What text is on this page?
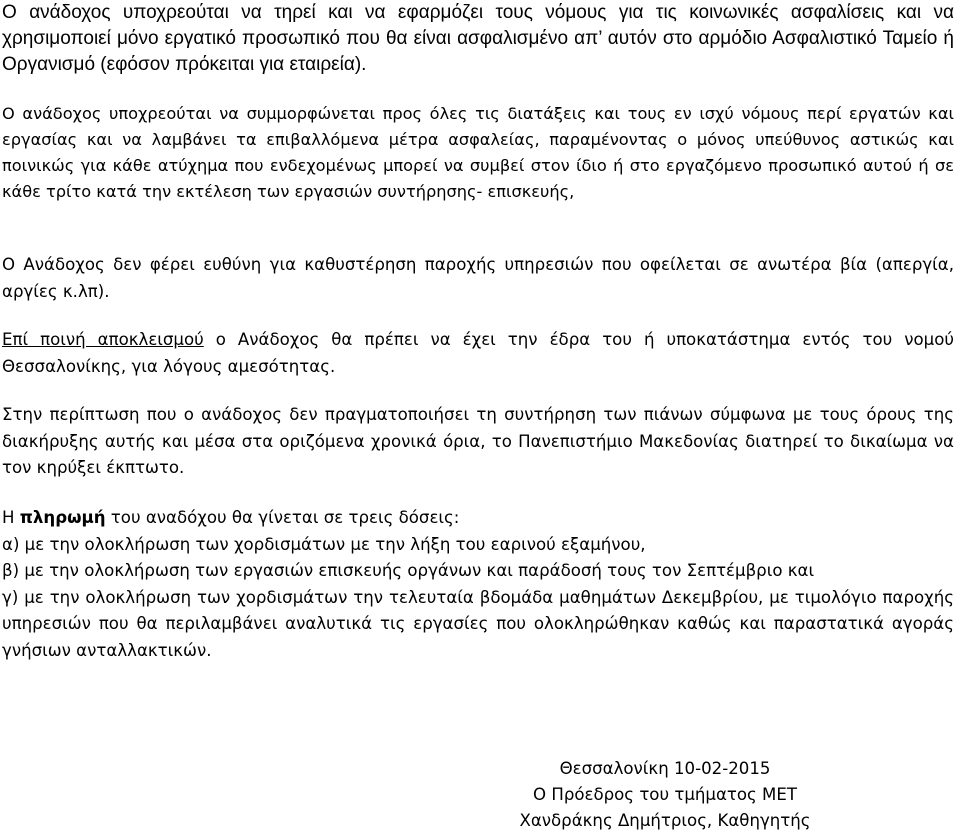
Ο ανάδοχος υποχρεούται να τηρεί και να εφαρμόζει τους νόμους για τις κοινωνικές ασφαλίσεις και να χρησιμοποιεί μόνο εργατικό προσωπικό που θα είναι ασφαλισμένο απ’ αυτόν στο αρμόδιο Ασφαλιστικό Ταμείο ή Οργανισμό (εφόσον πρόκειται για εταιρεία).

Ο ανάδοχος υποχρεούται να συμμορφώνεται προς όλες τις διατάξεις και τους εν ισχύ νόμους περί εργατών και εργασίας και να λαμβάνει τα επιβαλλόμενα μέτρα ασφαλείας, παραμένοντας ο μόνος υπεύθυνος αστικώς και ποινικώς για κάθε ατύχημα που ενδεχομένως μπορεί να συμβεί στον ίδιο ή στο εργαζόμενο προσωπικό αυτού ή σε κάθε τρίτο κατά την εκτέλεση των εργασιών συντήρησης- επισκευής,

Ο Ανάδοχος δεν φέρει ευθύνη για καθυστέρηση παροχής υπηρεσιών που οφείλεται σε ανωτέρα βία (απεργία, αργίες κ.λπ).

Επί ποινή αποκλεισμού ο Ανάδοχος θα πρέπει να έχει την έδρα του ή υποκατάστημα εντός του νομού Θεσσαλονίκης, για λόγους αμεσότητας.

Στην περίπτωση που ο ανάδοχος δεν πραγματοποιήσει τη συντήρηση των πιάνων σύμφωνα με τους όρους της διακήρυξης αυτής και μέσα στα οριζόμενα χρονικά όρια, το Πανεπιστήμιο Μακεδονίας διατηρεί το δικαίωμα να τον κηρύξει έκπτωτο.

Η πληρωμή του αναδόχου θα γίνεται σε τρεις δόσεις:
α) με την ολοκλήρωση των χορδισμάτων με την λήξη του εαρινού εξαμήνου,
β) με την ολοκλήρωση των εργασιών επισκευής οργάνων και παράδοσή τους τον Σεπτέμβριο και
γ) με την ολοκλήρωση των χορδισμάτων την τελευταία βδομάδα μαθημάτων Δεκεμβρίου, με τιμολόγιο παροχής υπηρεσιών που θα περιλαμβάνει αναλυτικά τις εργασίες που ολοκληρώθηκαν καθώς και παραστατικά αγοράς γνήσιων ανταλλακτικών.
Θεσσαλονίκη 10-02-2015
Ο Πρόεδρος του τμήματος ΜΕΤ
Χανδράκης Δημήτριος, Καθηγητής
